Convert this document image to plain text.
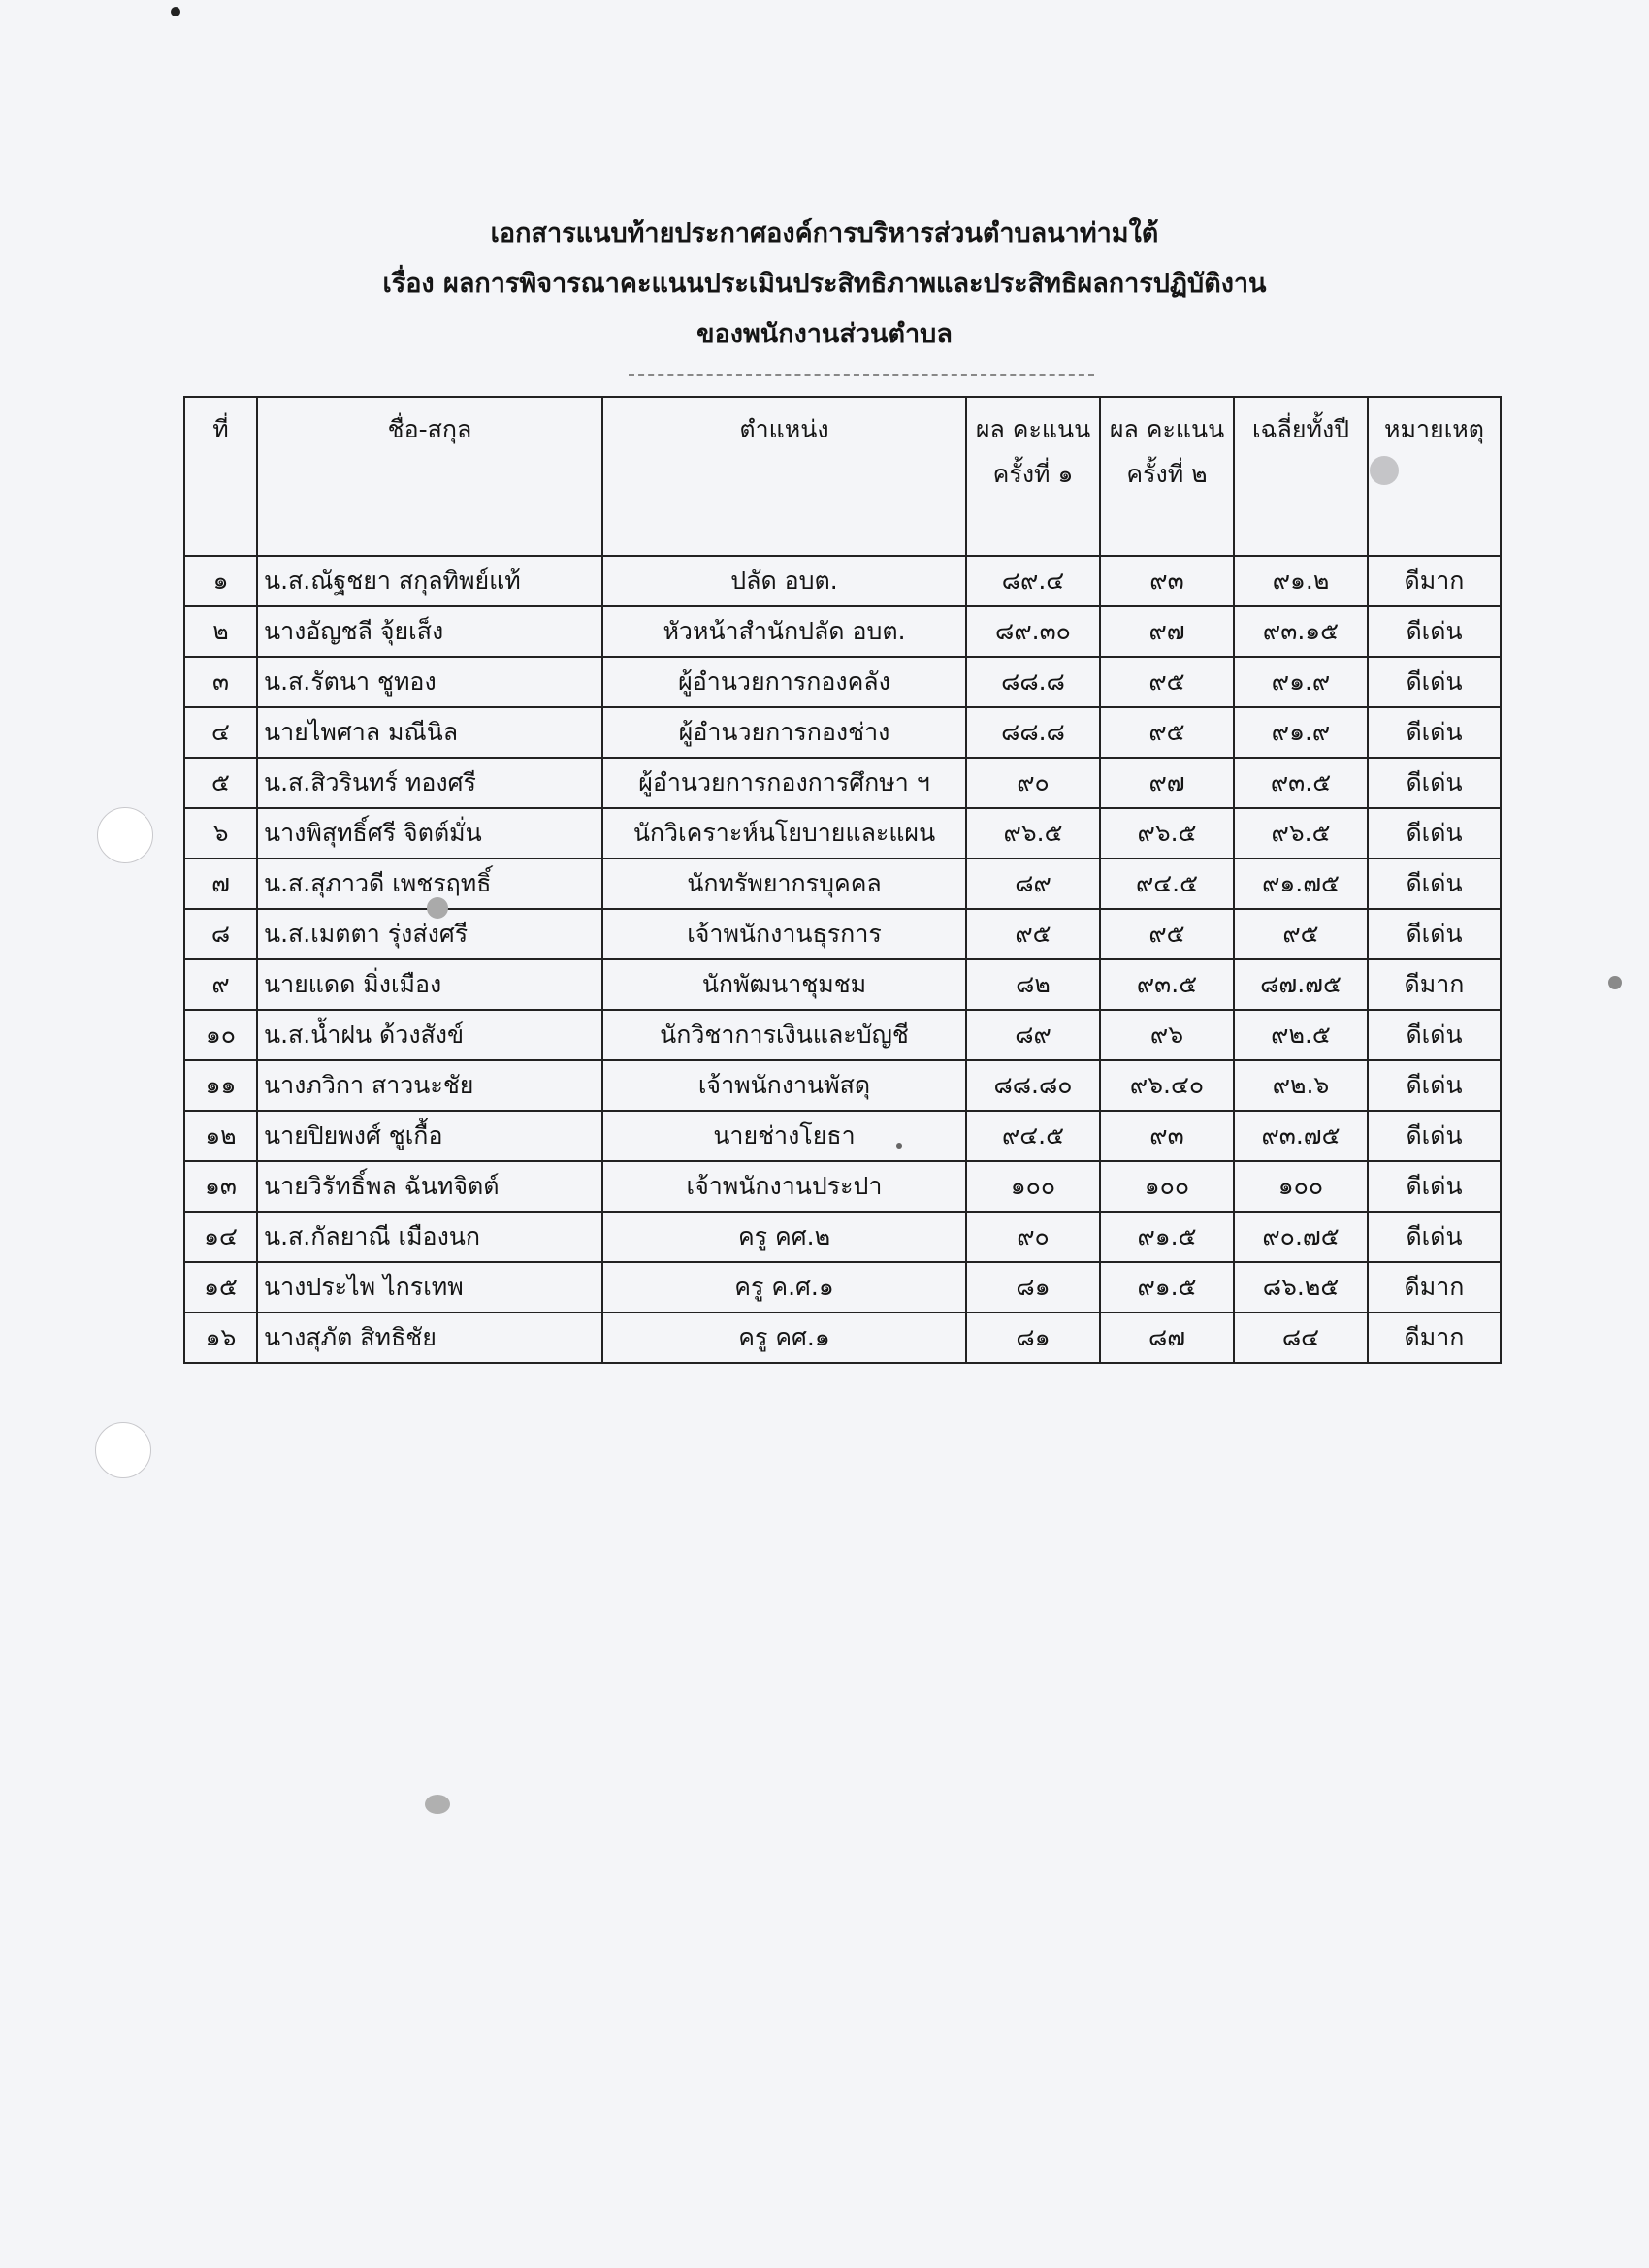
เอกสารแนบท้ายประกาศองค์การบริหารส่วนตำบลนาท่ามใต้
เรื่อง ผลการพิจารณาคะแนนประเมินประสิทธิภาพและประสิทธิผลการปฏิบัติงาน
ของพนักงานส่วนตำบล
ที่	ชื่อ-สกุล	ตำแหน่ง	ผล คะแนน ครั้งที่ ๑	ผล คะแนน ครั้งที่ ๒	เฉลี่ยทั้งปี	หมายเหตุ
๑	น.ส.ณัฐชยา สกุลทิพย์แท้	ปลัด อบต.	๘๙.๔	๙๓	๙๑.๒	ดีมาก
๒	นางอัญชลี จุ้ยเส็ง	หัวหน้าสำนักปลัด อบต.	๘๙.๓๐	๙๗	๙๓.๑๕	ดีเด่น
๓	น.ส.รัตนา ชูทอง	ผู้อำนวยการกองคลัง	๘๘.๘	๙๕	๙๑.๙	ดีเด่น
๔	นายไพศาล มณีนิล	ผู้อำนวยการกองช่าง	๘๘.๘	๙๕	๙๑.๙	ดีเด่น
๕	น.ส.สิวรินทร์ ทองศรี	ผู้อำนวยการกองการศึกษา ฯ	๙๐	๙๗	๙๓.๕	ดีเด่น
๖	นางพิสุทธิ์ศรี จิตต์มั่น	นักวิเคราะห์นโยบายและแผน	๙๖.๕	๙๖.๕	๙๖.๕	ดีเด่น
๗	น.ส.สุภาวดี เพชรฤทธิ์	นักทรัพยากรบุคคล	๘๙	๙๔.๕	๙๑.๗๕	ดีเด่น
๘	น.ส.เมตตา รุ่งส่งศรี	เจ้าพนักงานธุรการ	๙๕	๙๕	๙๕	ดีเด่น
๙	นายแดด มิ่งเมือง	นักพัฒนาชุมชม	๘๒	๙๓.๕	๘๗.๗๕	ดีมาก
๑๐	น.ส.น้ำฝน ด้วงสังข์	นักวิชาการเงินและบัญชี	๘๙	๙๖	๙๒.๕	ดีเด่น
๑๑	นางภวิกา สาวนะชัย	เจ้าพนักงานพัสดุ	๘๘.๘๐	๙๖.๔๐	๙๒.๖	ดีเด่น
๑๒	นายปิยพงศ์ ชูเกื้อ	นายช่างโยธา	๙๔.๕	๙๓	๙๓.๗๕	ดีเด่น
๑๓	นายวิรัทธิ์พล ฉันทจิตต์	เจ้าพนักงานประปา	๑๐๐	๑๐๐	๑๐๐	ดีเด่น
๑๔	น.ส.กัลยาณี เมืองนก	ครู คศ.๒	๙๐	๙๑.๕	๙๐.๗๕	ดีเด่น
๑๕	นางประไพ ไกรเทพ	ครู ค.ศ.๑	๘๑	๙๑.๕	๘๖.๒๕	ดีมาก
๑๖	นางสุภัต สิทธิชัย	ครู คศ.๑	๘๑	๘๗	๘๔	ดีมาก
